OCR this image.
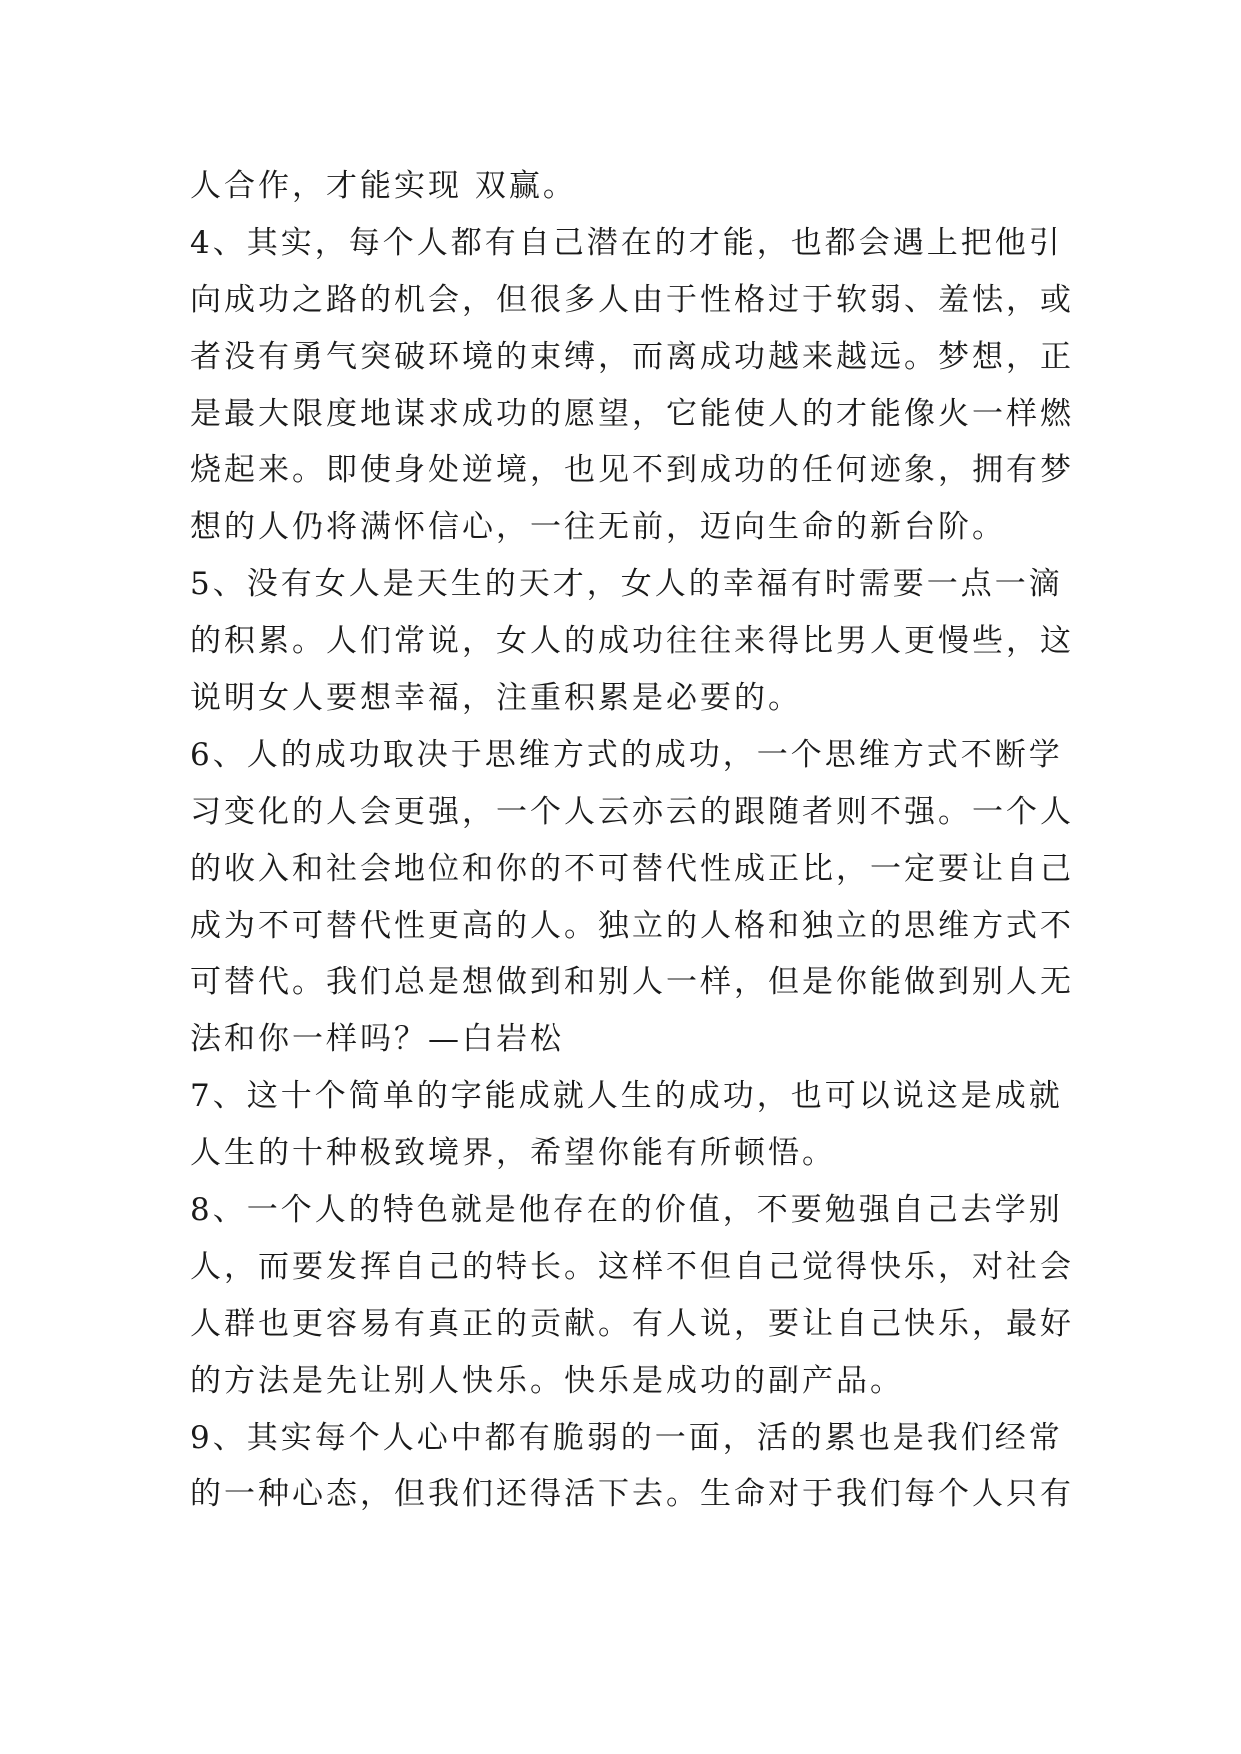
人合作，才能实现 双赢。
4、其实，每个人都有自己潜在的才能，也都会遇上把他引
向成功之路的机会，但很多人由于性格过于软弱、羞怯，或
者没有勇气突破环境的束缚，而离成功越来越远。梦想，正
是最大限度地谋求成功的愿望，它能使人的才能像火一样燃
烧起来。即使身处逆境，也见不到成功的任何迹象，拥有梦
想的人仍将满怀信心，一往无前，迈向生命的新台阶。
5、没有女人是天生的天才，女人的幸福有时需要一点一滴
的积累。人们常说，女人的成功往往来得比男人更慢些，这
说明女人要想幸福，注重积累是必要的。
6、人的成功取决于思维方式的成功，一个思维方式不断学
习变化的人会更强，一个人云亦云的跟随者则不强。一个人
的收入和社会地位和你的不可替代性成正比，一定要让自己
成为不可替代性更高的人。独立的人格和独立的思维方式不
可替代。我们总是想做到和别人一样，但是你能做到别人无
法和你一样吗？—白岩松
7、这十个简单的字能成就人生的成功，也可以说这是成就
人生的十种极致境界，希望你能有所顿悟。
8、一个人的特色就是他存在的价值，不要勉强自己去学别
人，而要发挥自己的特长。这样不但自己觉得快乐，对社会
人群也更容易有真正的贡献。有人说，要让自己快乐，最好
的方法是先让别人快乐。快乐是成功的副产品。
9、其实每个人心中都有脆弱的一面，活的累也是我们经常
的一种心态，但我们还得活下去。生命对于我们每个人只有
